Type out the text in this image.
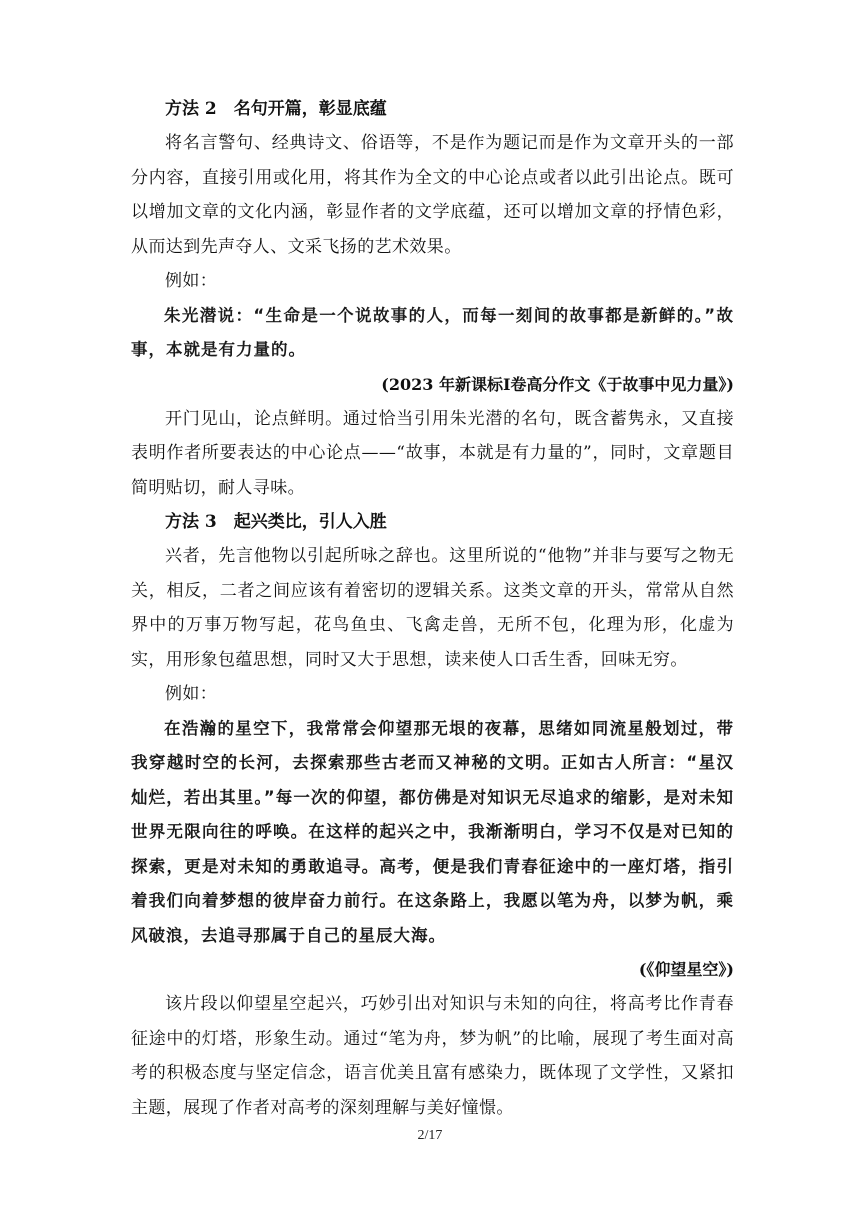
方法 2　名句开篇，彰显底蕴

将名言警句、经典诗文、俗语等，不是作为题记而是作为文章开头的一部分内容，直接引用或化用，将其作为全文的中心论点或者以此引出论点。既可以增加文章的文化内涵，彰显作者的文学底蕴，还可以增加文章的抒情色彩，从而达到先声夺人、文采飞扬的艺术效果。

例如：

朱光潜说：“生命是一个说故事的人，而每一刻间的故事都是新鲜的。”故事，本就是有力量的。

(2023 年新课标Ⅰ卷高分作文《于故事中见力量》)

开门见山，论点鲜明。通过恰当引用朱光潜的名句，既含蓄隽永，又直接表明作者所要表达的中心论点——“故事，本就是有力量的”，同时，文章题目简明贴切，耐人寻味。

方法 3　起兴类比，引人入胜

兴者，先言他物以引起所咏之辞也。这里所说的“他物”并非与要写之物无关，相反，二者之间应该有着密切的逻辑关系。这类文章的开头，常常从自然界中的万事万物写起，花鸟鱼虫、飞禽走兽，无所不包，化理为形，化虚为实，用形象包蕴思想，同时又大于思想，读来使人口舌生香，回味无穷。

例如：

在浩瀚的星空下，我常常会仰望那无垠的夜幕，思绪如同流星般划过，带我穿越时空的长河，去探索那些古老而又神秘的文明。正如古人所言：“星汉灿烂，若出其里。”每一次的仰望，都仿佛是对知识无尽追求的缩影，是对未知世界无限向往的呼唤。在这样的起兴之中，我渐渐明白，学习不仅是对已知的探索，更是对未知的勇敢追寻。高考，便是我们青春征途中的一座灯塔，指引着我们向着梦想的彼岸奋力前行。在这条路上，我愿以笔为舟，以梦为帆，乘风破浪，去追寻那属于自己的星辰大海。

(《仰望星空》)

该片段以仰望星空起兴，巧妙引出对知识与未知的向往，将高考比作青春征途中的灯塔，形象生动。通过“笔为舟，梦为帆”的比喻，展现了考生面对高考的积极态度与坚定信念，语言优美且富有感染力，既体现了文学性，又紧扣主题，展现了作者对高考的深刻理解与美好憧憬。

2/17
